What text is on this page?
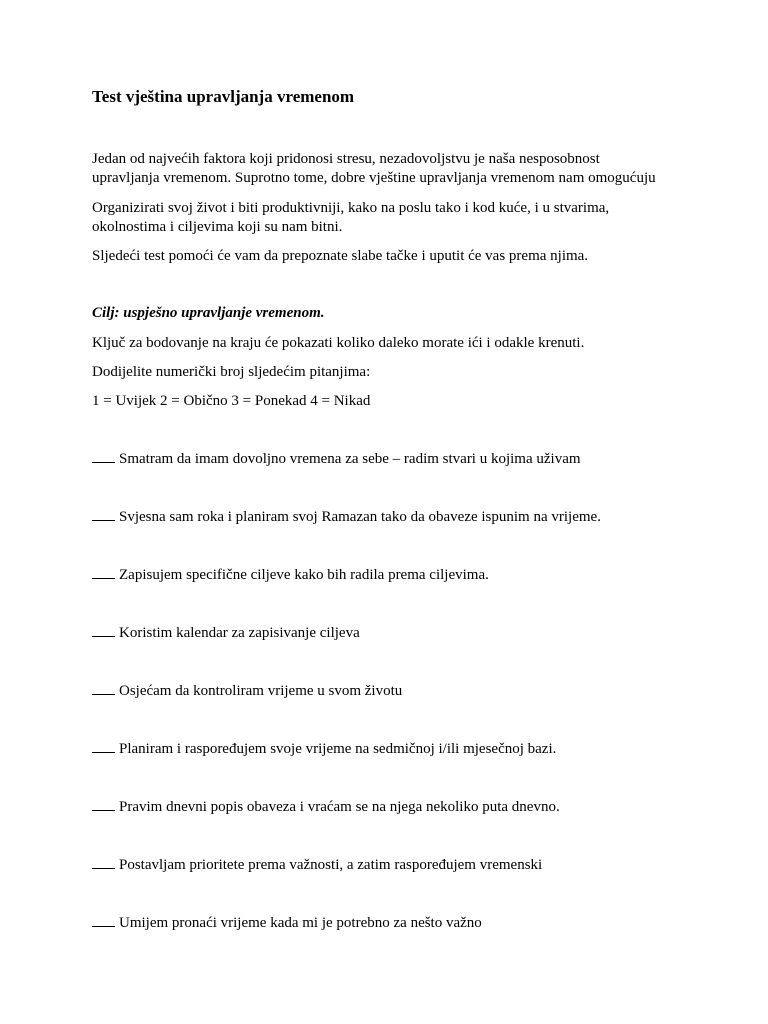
Test vještina upravljanja vremenom
Jedan od najvećih faktora koji pridonosi stresu, nezadovoljstvu je naša nesposobnost
upravljanja vremenom. Suprotno tome, dobre vještine upravljanja vremenom nam omogućuju
Organizirati svoj život i biti produktivniji, kako na poslu tako i kod kuće, i u stvarima,
okolnostima i ciljevima koji su nam bitni.
Sljedeći test pomoći će vam da prepoznate slabe tačke i uputit će vas prema njima.
Cilj: uspješno upravljanje vremenom.
Ključ za bodovanje na kraju će pokazati koliko daleko morate ići i odakle krenuti.
Dodijelite numerički broj sljedećim pitanjima:
1 = Uvijek 2 = Obično 3 = Ponekad 4 = Nikad
Smatram da imam dovoljno vremena za sebe – radim stvari u kojima uživam
Svjesna sam roka i planiram svoj Ramazan tako da obaveze ispunim na vrijeme.
Zapisujem specifične ciljeve kako bih radila prema ciljevima.
Koristim kalendar za zapisivanje ciljeva
Osjećam da kontroliram vrijeme u svom životu
Planiram i raspoređujem svoje vrijeme na sedmičnoj i/ili mjesečnoj bazi.
Pravim dnevni popis obaveza i vraćam se na njega nekoliko puta dnevno.
Postavljam prioritete prema važnosti, a zatim raspoređujem vremenski
Umijem pronaći vrijeme kada mi je potrebno za nešto važno
